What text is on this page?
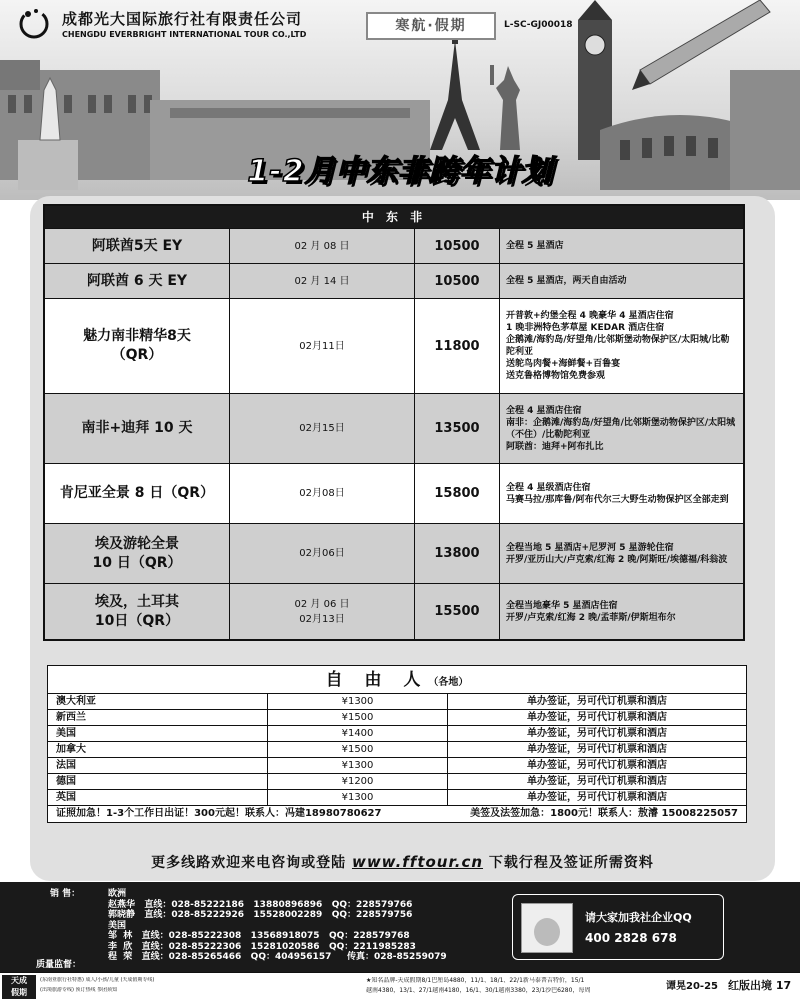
成都光大国际旅行社有限责任公司
CHENGDU EVERBRIGHT INTERNATIONAL TOUR CO.,LTD
寒航·假期	L-SC-GJ00018
1-2月中东非跨年计划
中 东 非
阿联酋5天 EY	02 月 08 日	10500	全程 5 星酒店
阿联酋 6 天 EY	02 月 14 日	10500	全程 5 星酒店，两天自由活动
魅力南非精华8天
（QR）
02月11日	11800
开普敦+约堡全程 4 晚豪华 4 星酒店住宿
1 晚非洲特色茅草屋 KEDAR 酒店住宿
企鹅滩/海豹岛/好望角/比邻斯堡动物保护区/太阳城/比勒陀利亚
送鸵鸟肉餐+海鲜餐+百鲁宴
送克鲁格博物馆免费参观
南非+迪拜 10 天	02月15日	13500
全程 4 星酒店住宿
南非：企鹅滩/海豹岛/好望角/比邻斯堡动物保护区/太阳城（不住）/比勒陀利亚
阿联酋：迪拜+阿布扎比
肯尼亚全景 8 日（QR）	02月08日	15800	全程 4 星级酒店住宿
马赛马拉/那库鲁/阿布代尔三大野生动物保护区全部走到
埃及游轮全景
10 日（QR）
02月06日	13800	全程当地 5 星酒店+尼罗河 5 星游轮住宿
开罗/亚历山大/卢克索/红海 2 晚/阿斯旺/埃德福/科翁波
埃及，土耳其
10日（QR）
02 月 06 日
02月13日	15500	全程当地豪华 5 星酒店住宿
开罗/卢克索/红海 2 晚/孟菲斯/伊斯坦布尔
自 由 人（各地）
澳大利亚	¥1300	单办签证，另可代订机票和酒店
新西兰	¥1500	单办签证，另可代订机票和酒店
美国	¥1400	单办签证，另可代订机票和酒店
加拿大	¥1500	单办签证，另可代订机票和酒店
法国	¥1300	单办签证，另可代订机票和酒店
德国	¥1200	单办签证，另可代订机票和酒店
英国	¥1300	单办签证，另可代订机票和酒店
证照加急！1-3个工作日出证！300元起！联系人：冯建18980780627	美签及法签加急：1800元！联系人：敖濬 15008225057
更多线路欢迎来电咨询或登陆 www.fftour.cn 下载行程及签证所需资料
销 售：
质量监督：
欧洲
赵燕华   直线：028-85222186   13880896896   QQ：228579766
郭晓静   直线：028-85222926   15528002289   QQ：228579756
美国
邹  林   直线：028-85222308   13568918075   QQ：228579768
李  欣   直线：028-85222306   15281020586   QQ：2211985283
程  荣   直线：028-85265466   QQ：404956157     传真：028-85259079
请大家加我社企业QQ
400 2828 678
天成
假期
(东南亚旅行社特惠) 成人/小孩/儿童 (天成假期专线)
(出境旅游专线) 预订热线 参团须知
★知名品牌-天成假期8/1巴厘岛4880，11/1、18/1、22/1新马泰普吉特价，15/1
越南4380，13/1、27/1越南4180，16/1、30/1越南3380，23/1沙巴6280，每周	谭晃20-25 红版出境 17
